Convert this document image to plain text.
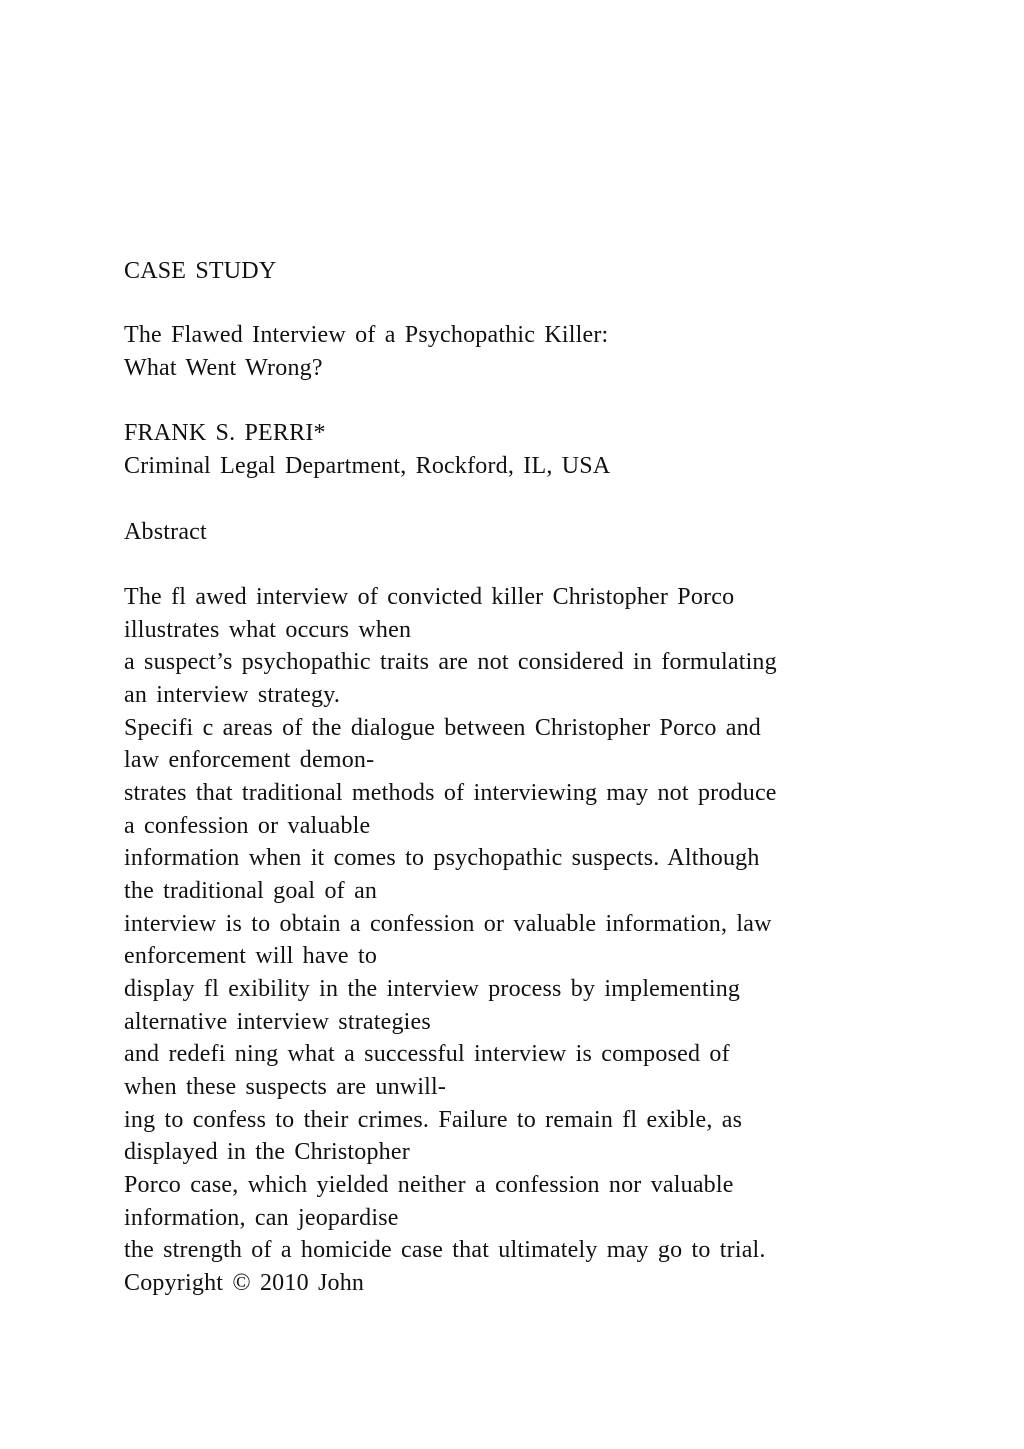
CASE STUDY
The Flawed Interview of a Psychopathic Killer:
What Went Wrong?
FRANK S. PERRI*
Criminal Legal Department, Rockford, IL, USA
Abstract
The fl awed interview of convicted killer Christopher Porco
illustrates what occurs when
a suspect’s psychopathic traits are not considered in formulating
an interview strategy.
Specifi c areas of the dialogue between Christopher Porco and
law enforcement demon-
strates that traditional methods of interviewing may not produce
a confession or valuable
information when it comes to psychopathic suspects. Although
the traditional goal of an
interview is to obtain a confession or valuable information, law
enforcement will have to
display fl exibility in the interview process by implementing
alternative interview strategies
and redefi ning what a successful interview is composed of
when these suspects are unwill-
ing to confess to their crimes. Failure to remain fl exible, as
displayed in the Christopher
Porco case, which yielded neither a confession nor valuable
information, can jeopardise
the strength of a homicide case that ultimately may go to trial.
Copyright © 2010 John
